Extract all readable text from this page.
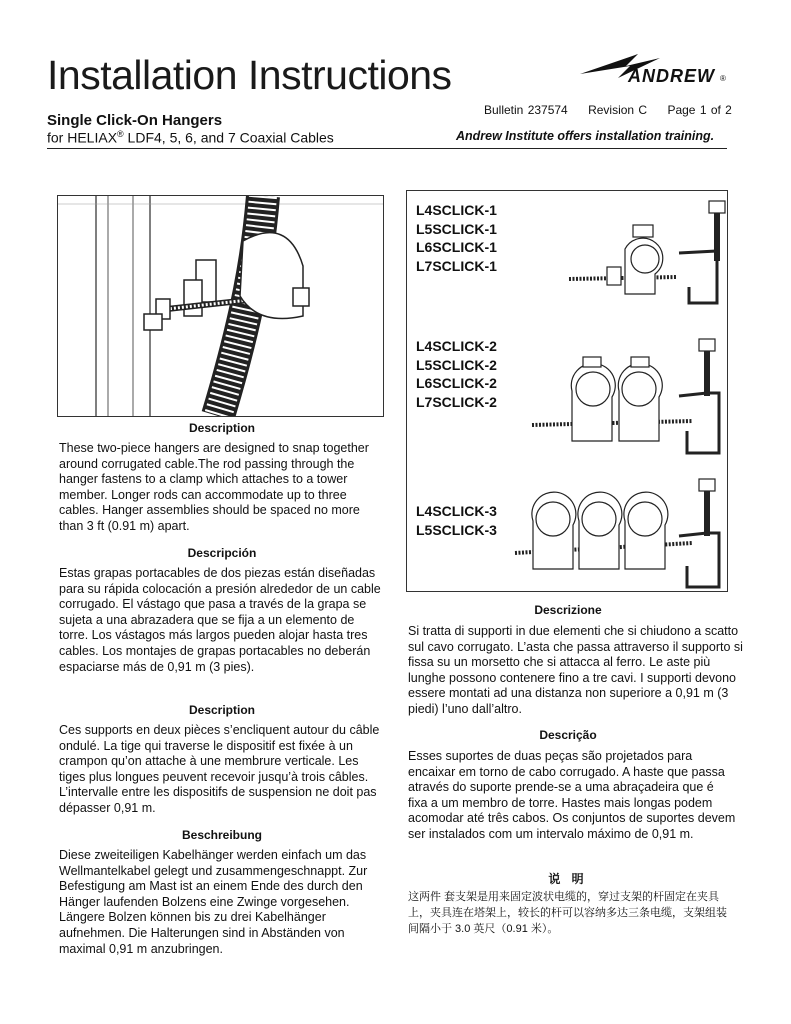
Installation Instructions	ANDREW ®
Bulletin 237574 Revision C Page 1 of 2
Single Click-On Hangers
for HELIAX® LDF4, 5, 6, and 7 Coaxial Cables	Andrew Institute offers installation training.
L4SCLICK-1
L5SCLICK-1
L6SCLICK-1
L7SCLICK-1
L4SCLICK-2
L5SCLICK-2
L6SCLICK-2
L7SCLICK-2
L4SCLICK-3
L5SCLICK-3
Description
These two-piece hangers are designed to snap together around corrugated cable.The rod passing through the hanger fastens to a clamp which attaches to a tower member. Longer rods can accommodate up to three cables. Hanger assemblies should be spaced no more than 3 ft (0.91 m) apart.
Descripción
Estas grapas portacables de dos piezas están diseñadas para su rápida colocación a presión alrededor de un cable corrugado. El vástago que pasa a través de la grapa se sujeta a una abrazadera que se fija a un elemento de torre. Los vástagos más largos pueden alojar hasta tres cables. Los montajes de grapas portacables no deberán espaciarse más de 0,91 m (3 pies).
Description
Ces supports en deux pièces s’encliquent autour du câble ondulé. La tige qui traverse le dispositif est fixée à un crampon qu’on attache à une membrure verticale. Les tiges plus longues peuvent recevoir jusqu’à trois câbles. L’intervalle entre les dispositifs de suspension ne doit pas dépasser 0,91 m.
Beschreibung
Diese zweiteiligen Kabelhänger werden einfach um das Wellmantelkabel gelegt und zusammengeschnappt. Zur Befestigung am Mast ist an einem Ende des durch den Hänger laufenden Bolzens eine Zwinge vorgesehen. Längere Bolzen können bis zu drei Kabelhänger aufnehmen. Die Halterungen sind in Abständen von maximal 0,91 m anzubringen.
Descrizione
Si tratta di supporti in due elementi che si chiudono a scatto sul cavo corrugato. L’asta che passa attraverso il supporto si fissa su un morsetto che si attacca al ferro. Le aste più lunghe possono contenere fino a tre cavi. I supporti devono essere montati ad una distanza non superiore a 0,91 m (3 piedi) l’uno dall’altro.
Descrição
Esses suportes de duas peças são projetados para encaixar em torno de cabo corrugado. A haste que passa através do suporte prende-se a uma abraçadeira que é fixa a um membro de torre. Hastes mais longas podem acomodar até três cabos. Os conjuntos de suportes devem ser instalados com um intervalo máximo de 0,91 m.
说 明
这两件 套支架是用来固定波状电缆的，穿过支架的杆固定在夹具上，夹具连在塔架上，较长的杆可以容纳多达三条电缆，支架组装间隔小于 3.0 英尺（0.91 米）。
